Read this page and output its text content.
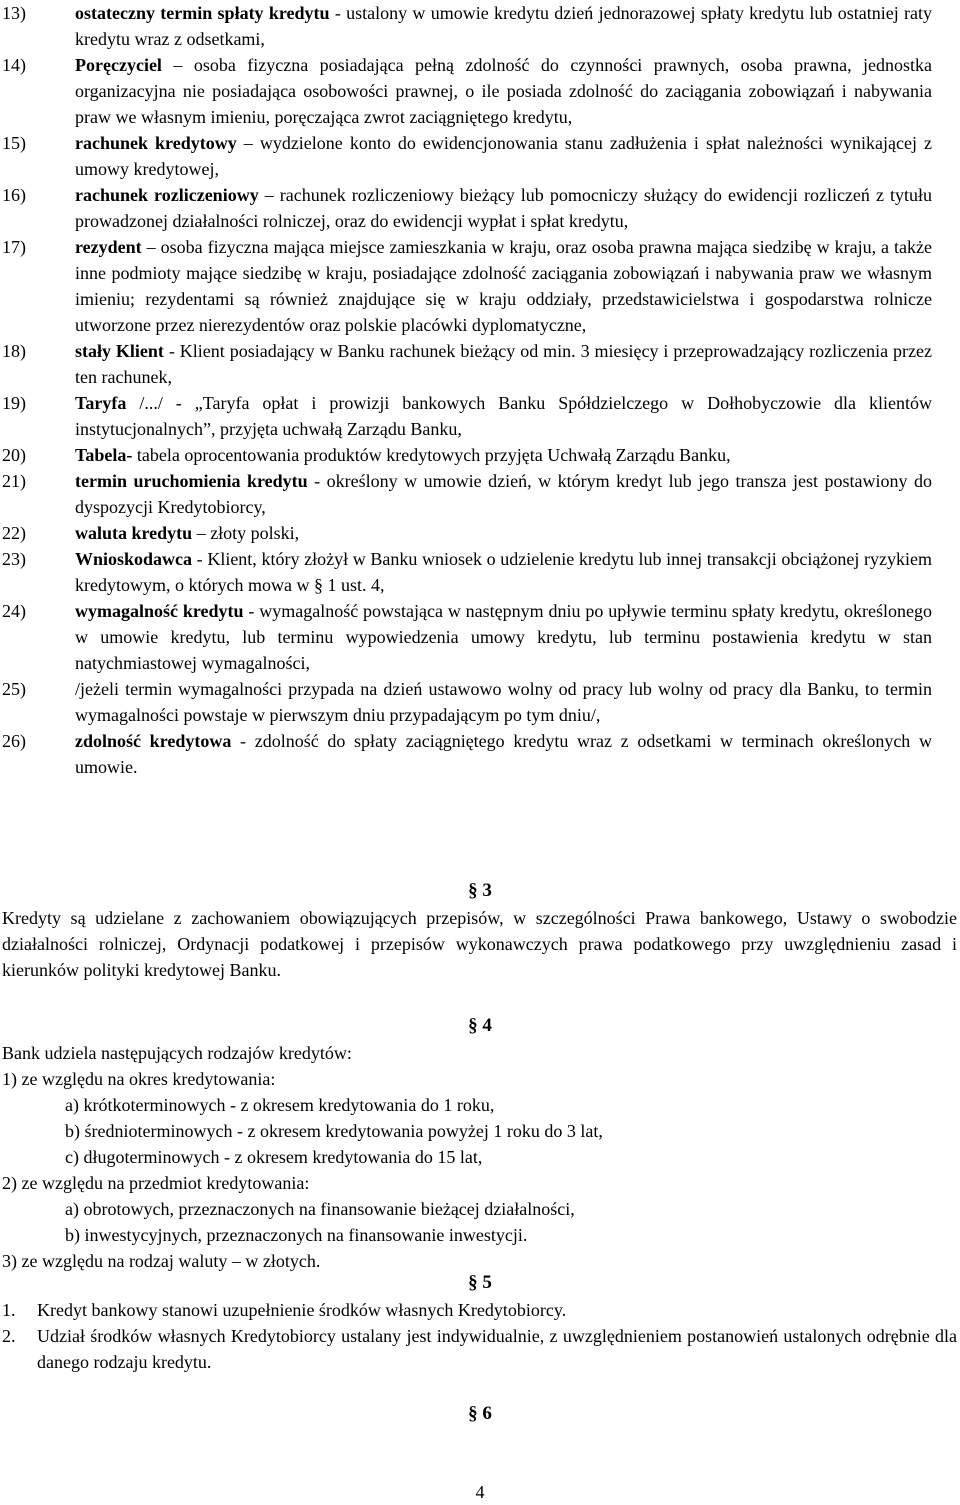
13)	ostateczny termin spłaty kredytu - ustalony w umowie kredytu dzień jednorazowej spłaty kredytu lub ostatniej raty kredytu wraz z odsetkami,
14)	Poręczyciel – osoba fizyczna posiadająca pełną zdolność do czynności prawnych, osoba prawna, jednostka organizacyjna nie posiadająca osobowości prawnej, o ile posiada zdolność do zaciągania zobowiązań i nabywania praw we własnym imieniu, poręczająca zwrot zaciągniętego kredytu,
15)	rachunek kredytowy – wydzielone konto do ewidencjonowania stanu zadłużenia i spłat należności wynikającej z umowy kredytowej,
16)	rachunek rozliczeniowy – rachunek rozliczeniowy bieżący lub pomocniczy służący do ewidencji rozliczeń z tytułu prowadzonej działalności rolniczej, oraz do ewidencji wypłat i spłat kredytu,
17)	rezydent – osoba fizyczna mająca miejsce zamieszkania w kraju, oraz osoba prawna mająca siedzibę w kraju, a także inne podmioty mające siedzibę w kraju, posiadające zdolność zaciągania zobowiązań i nabywania praw we własnym imieniu; rezydentami są również znajdujące się w kraju oddziały, przedstawicielstwa i gospodarstwa rolnicze utworzone przez nierezydentów oraz polskie placówki dyplomatyczne,
18)	stały Klient - Klient posiadający w Banku rachunek bieżący od min. 3 miesięcy i przeprowadzający rozliczenia przez ten rachunek,
19)	Taryfa /.../ - „Taryfa opłat i prowizji bankowych Banku Spółdzielczego w Dołhobyczowie dla klientów instytucjonalnych”, przyjęta uchwałą Zarządu Banku,
20)	Tabela- tabela oprocentowania produktów kredytowych przyjęta Uchwałą Zarządu Banku,
21)	termin uruchomienia kredytu - określony w umowie dzień, w którym kredyt lub jego transza jest postawiony do dyspozycji Kredytobiorcy,
22)	waluta kredytu – złoty polski,
23)	Wnioskodawca - Klient, który złożył w Banku wniosek o udzielenie kredytu lub innej transakcji obciążonej ryzykiem kredytowym, o których mowa w § 1 ust. 4,
24)	wymagalność kredytu - wymagalność powstająca w następnym dniu po upływie terminu spłaty kredytu, określonego w umowie kredytu, lub terminu wypowiedzenia umowy kredytu, lub terminu postawienia kredytu w stan natychmiastowej wymagalności,
25)	/jeżeli termin wymagalności przypada na dzień ustawowo wolny od pracy lub wolny od pracy dla Banku, to termin wymagalności powstaje w pierwszym dniu przypadającym po tym dniu/,
26)	zdolność kredytowa - zdolność do spłaty zaciągniętego kredytu wraz z odsetkami w terminach określonych w umowie.
§ 3
Kredyty są udzielane z zachowaniem obowiązujących przepisów, w szczególności Prawa bankowego, Ustawy o swobodzie działalności rolniczej, Ordynacji podatkowej i przepisów wykonawczych prawa podatkowego przy uwzględnieniu zasad i kierunków polityki kredytowej Banku.
§ 4
Bank udziela następujących rodzajów kredytów:
1) ze względu na okres kredytowania:
a) krótkoterminowych - z okresem kredytowania do 1 roku,
b) średnioterminowych - z okresem kredytowania powyżej 1 roku do 3 lat,
c) długoterminowych - z okresem kredytowania do 15 lat,
2) ze względu na przedmiot kredytowania:
a) obrotowych, przeznaczonych na finansowanie bieżącej działalności,
b) inwestycyjnych, przeznaczonych na finansowanie inwestycji.
3) ze względu na rodzaj waluty – w złotych.
§ 5
1. Kredyt bankowy stanowi uzupełnienie środków własnych Kredytobiorcy.
2. Udział środków własnych Kredytobiorcy ustalany jest indywidualnie, z uwzględnieniem postanowień ustalonych odrębnie dla danego rodzaju kredytu.
§ 6
4
